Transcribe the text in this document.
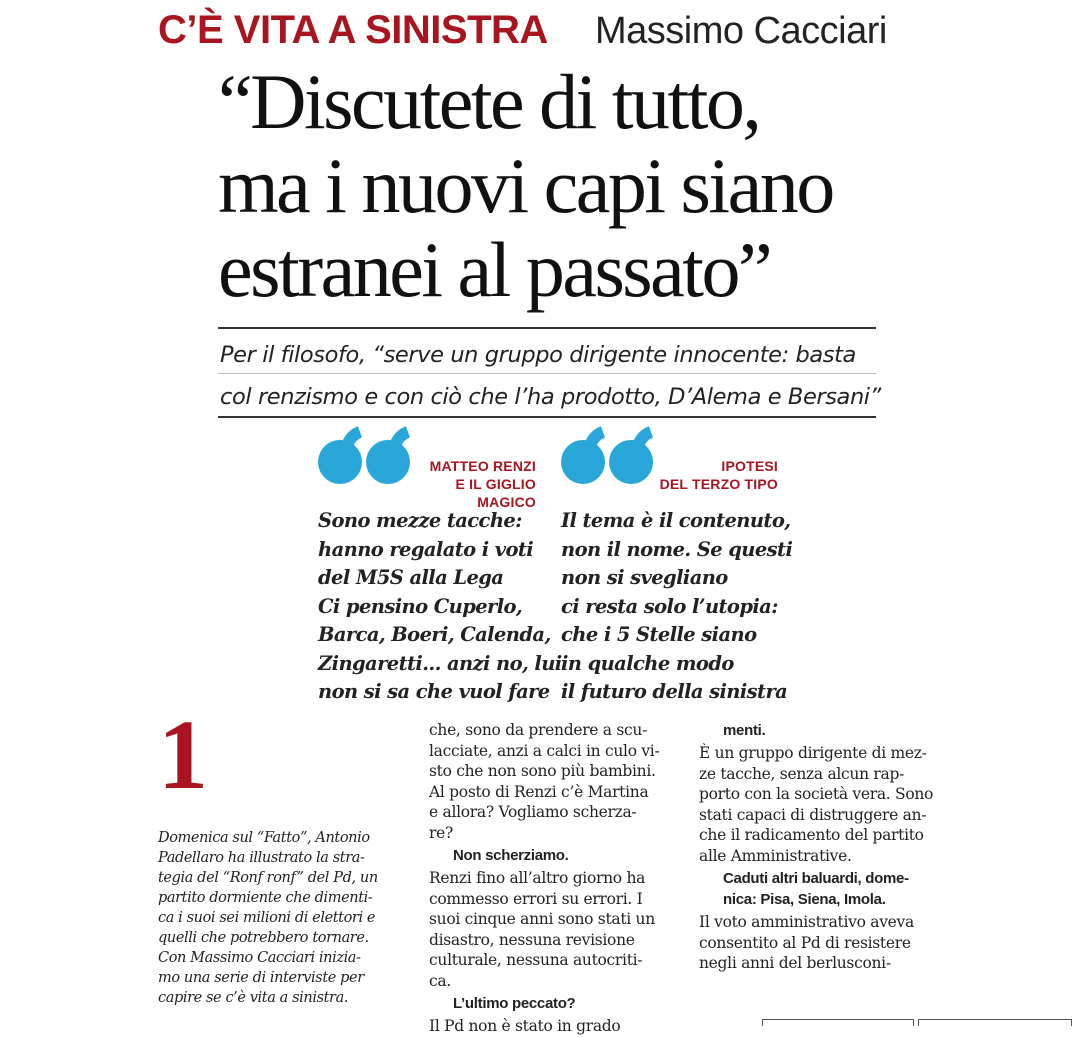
C’È VITA A SINISTRA Massimo Cacciari
“Discutete di tutto,
ma i nuovi capi siano
estranei al passato”
Per il filosofo, “serve un gruppo dirigente innocente: basta
col renzismo e con ciò che l’ha prodotto, D’Alema e Bersani”
MATTEO RENZI
E IL GIGLIO MAGICO
Sono mezze tacche:
hanno regalato i voti
del M5S alla Lega
Ci pensino Cuperlo,
Barca, Boeri, Calenda,
Zingaretti... anzi no, lui
non si sa che vuol fare
IPOTESI
DEL TERZO TIPO
Il tema è il contenuto,
non il nome. Se questi
non si svegliano
ci resta solo l’utopia:
che i 5 Stelle siano
in qualche modo
il futuro della sinistra
1
Domenica sul “Fatto”, Antonio
Padellaro ha illustrato la stra-
tegia del “Ronf ronf” del Pd, un
partito dormiente che dimenti-
ca i suoi sei milioni di elettori e
quelli che potrebbero tornare.
Con Massimo Cacciari inizia-
mo una serie di interviste per
capire se c’è vita a sinistra.
che, sono da prendere a scu-
lacciate, anzi a calci in culo vi-
sto che non sono più bambini.
Al posto di Renzi c’è Martina
e allora? Vogliamo scherza-
re?
Non scherziamo.
Renzi fino all’altro giorno ha
commesso errori su errori. I
suoi cinque anni sono stati un
disastro, nessuna revisione
culturale, nessuna autocriti-
ca.
L’ultimo peccato?
Il Pd non è stato in grado
menti.
È un gruppo dirigente di mez-
ze tacche, senza alcun rap-
porto con la società vera. Sono
stati capaci di distruggere an-
che il radicamento del partito
alle Amministrative.
Caduti altri baluardi, dome-
nica: Pisa, Siena, Imola.
Il voto amministrativo aveva
consentito al Pd di resistere
negli anni del berlusconi-
